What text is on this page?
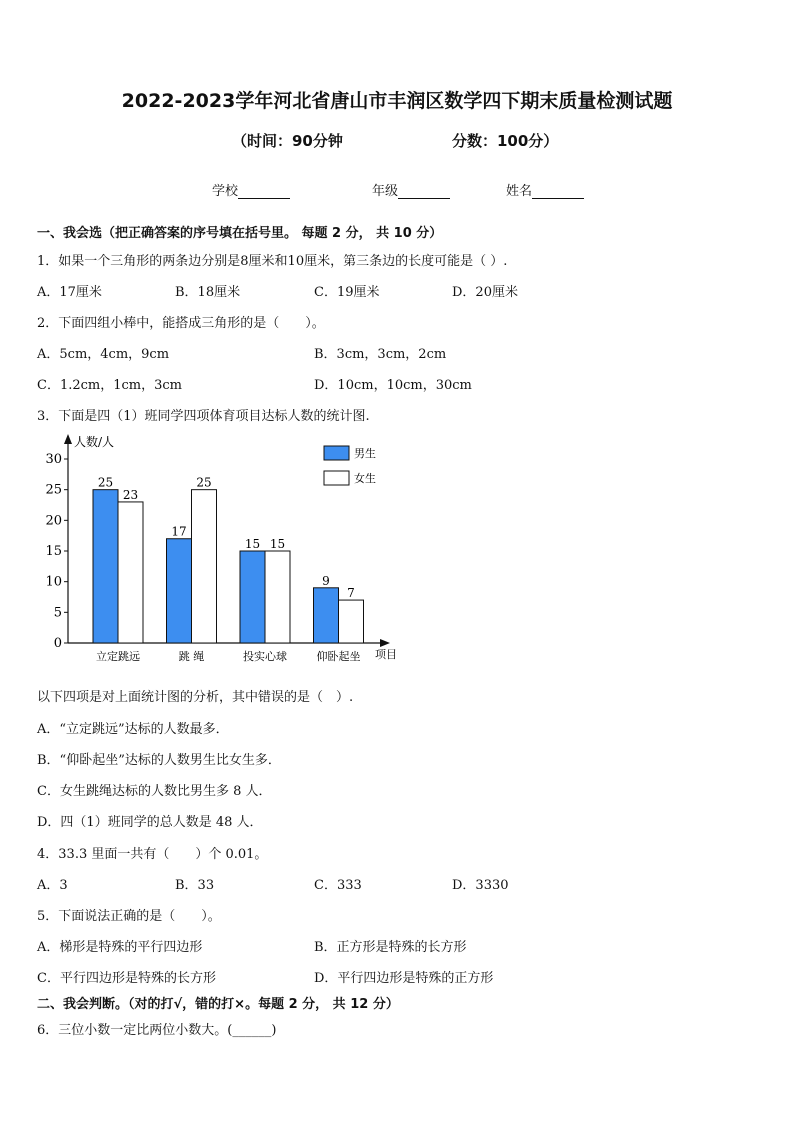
2022-2023学年河北省唐山市丰润区数学四下期末质量检测试题
（时间：90分钟	分数：100分）
学校	年级	姓名
一、我会选（把正确答案的序号填在括号里。 每题 2 分， 共 10 分）
1．如果一个三角形的两条边分别是8厘米和10厘米，第三条边的长度可能是（ ）.
A．17厘米	B．18厘米	C．19厘米	D．20厘米
2．下面四组小棒中，能搭成三角形的是（　　）。
A．5cm，4cm，9cm	B．3cm，3cm，2cm
C．1.2cm，1cm，3cm	D．10cm，10cm，30cm
3．下面是四（1）班同学四项体育项目达标人数的统计图.
人数/人
项目
0
5
10
15
20
25
30
25
23
立定跳远
17
25
跳 绳
15 15
投实心球
9
7
仰卧起坐
男生
女生
以下四项是对上面统计图的分析，其中错误的是（　）.
A．“立定跳远”达标的人数最多．
B．“仰卧起坐”达标的人数男生比女生多．
C．女生跳绳达标的人数比男生多 8 人．
D．四（1）班同学的总人数是 48 人．
4．33.3 里面一共有（　　）个 0.01。
A．3	B．33	C．333	D．3330
5．下面说法正确的是（　　）。
A．梯形是特殊的平行四边形	B．正方形是特殊的长方形
C．平行四边形是特殊的长方形	D．平行四边形是特殊的正方形
二、我会判断。（对的打√，错的打×。每题 2 分， 共 12 分）
6．三位小数一定比两位小数大。(______)
